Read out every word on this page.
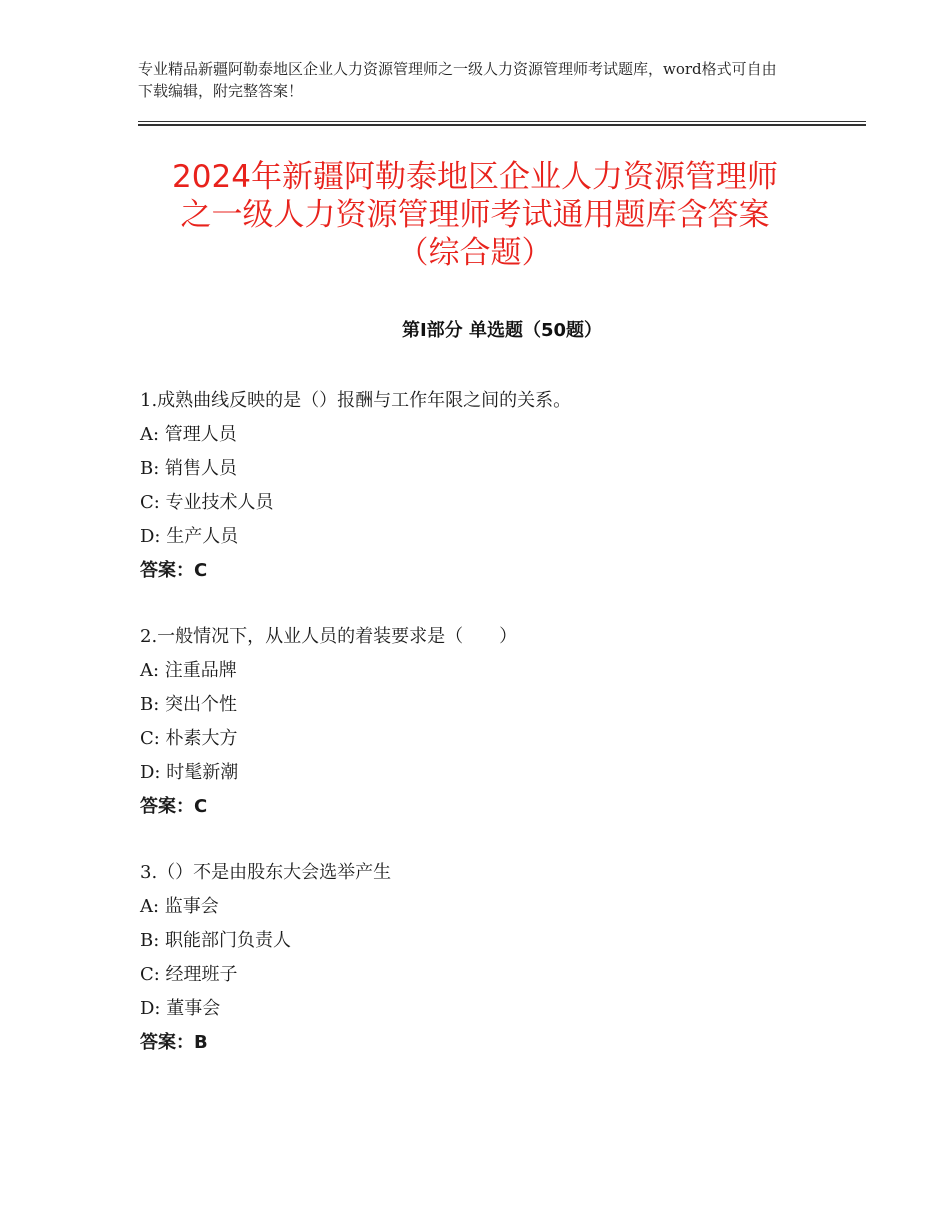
专业精品新疆阿勒泰地区企业人力资源管理师之一级人力资源管理师考试题库，word格式可自由下载编辑，附完整答案！
2024年新疆阿勒泰地区企业人力资源管理师
之一级人力资源管理师考试通用题库含答案
（综合题）
第Ⅰ部分 单选题（50题）
1.成熟曲线反映的是（）报酬与工作年限之间的关系。
A: 管理人员
B: 销售人员
C: 专业技术人员
D: 生产人员
答案：C
2.一般情况下，从业人员的着装要求是（　　）
A: 注重品牌
B: 突出个性
C: 朴素大方
D: 时髦新潮
答案：C
3.（）不是由股东大会选举产生
A: 监事会
B: 职能部门负责人
C: 经理班子
D: 董事会
答案：B
